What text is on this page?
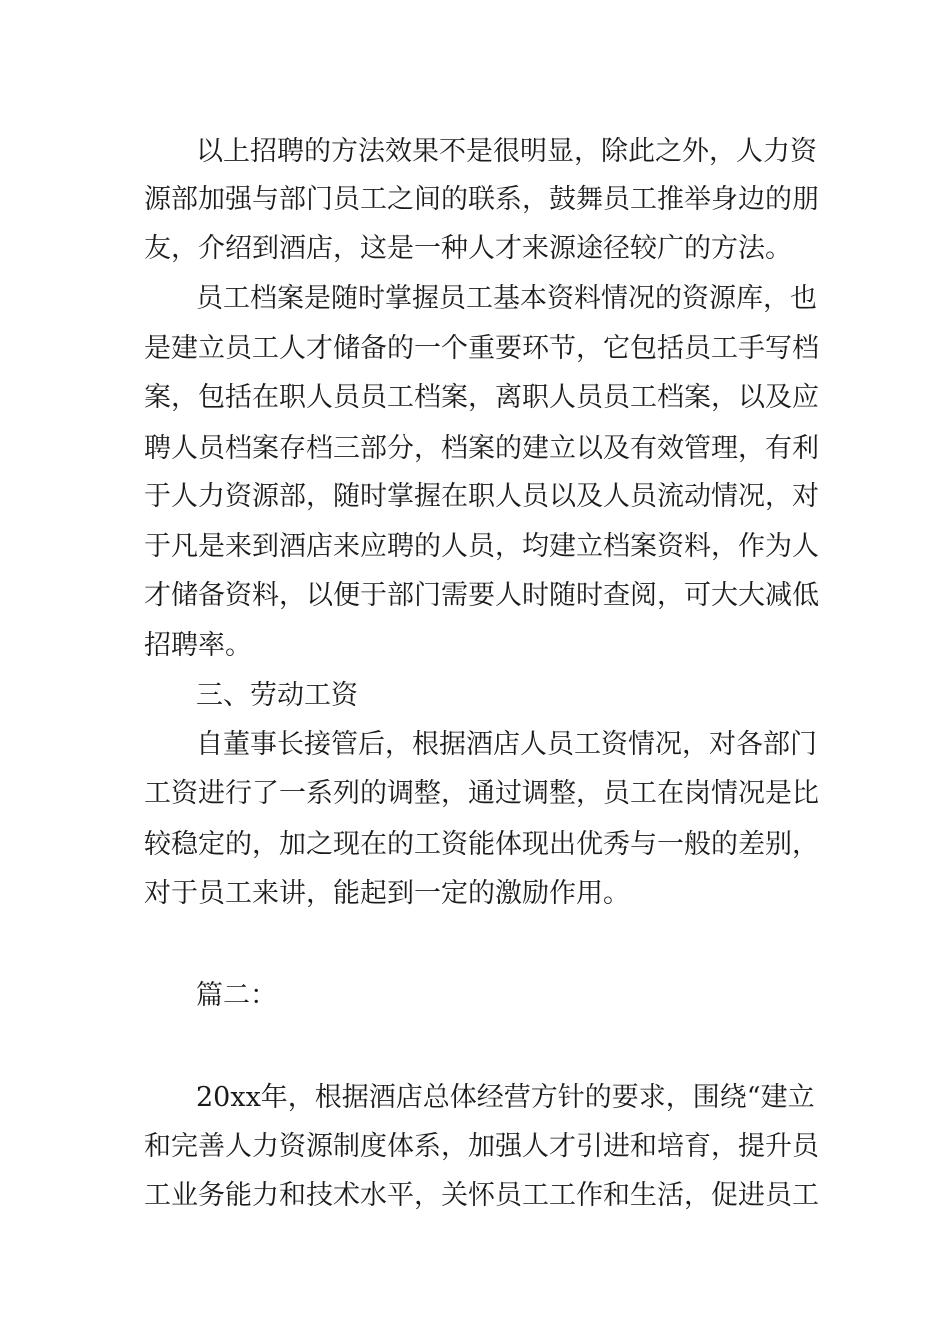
以上招聘的方法效果不是很明显，除此之外，人力资
源部加强与部门员工之间的联系，鼓舞员工推举身边的朋
友，介绍到酒店，这是一种人才来源途径较广的方法。
员工档案是随时掌握员工基本资料情况的资源库，也
是建立员工人才储备的一个重要环节，它包括员工手写档
案，包括在职人员员工档案，离职人员员工档案，以及应
聘人员档案存档三部分，档案的建立以及有效管理，有利
于人力资源部，随时掌握在职人员以及人员流动情况，对
于凡是来到酒店来应聘的人员，均建立档案资料，作为人
才储备资料，以便于部门需要人时随时查阅，可大大减低
招聘率。
三、劳动工资
自董事长接管后，根据酒店人员工资情况，对各部门
工资进行了一系列的调整，通过调整，员工在岗情况是比
较稳定的，加之现在的工资能体现出优秀与一般的差别，
对于员工来讲，能起到一定的激励作用。
篇二：
20xx年，根据酒店总体经营方针的要求，围绕“建立
和完善人力资源制度体系，加强人才引进和培育，提升员
工业务能力和技术水平，关怀员工工作和生活，促进员工
